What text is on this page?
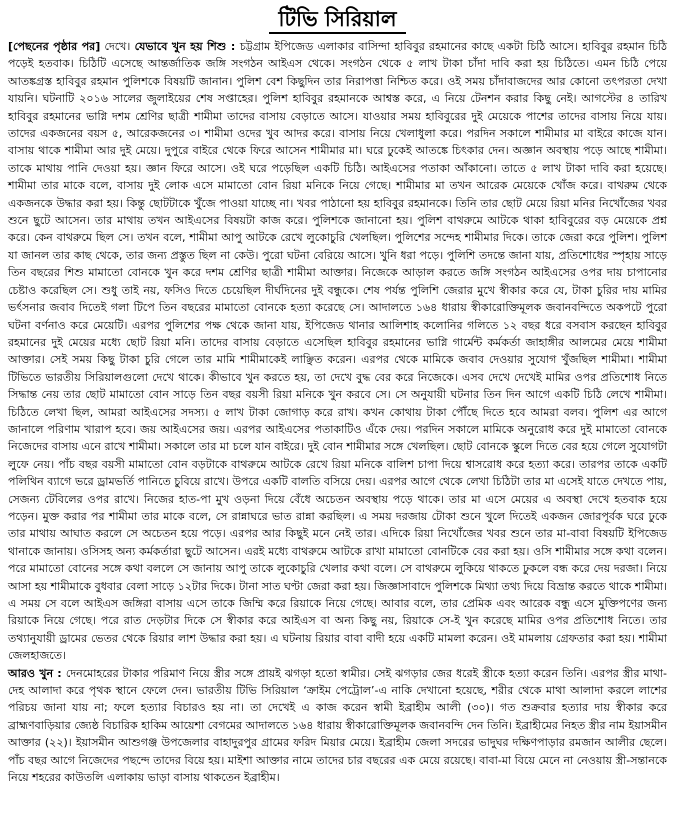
টিভি সিরিয়াল

[পেছনের পৃষ্ঠার পর] দেখে। যেভাবে খুন হয় শিশু : চট্টগ্রাম ইপিজেড এলাকার বাসিন্দা হাবিবুর রহমানের কাছে একটা চিঠি আসে। হাবিবুর রহমান চিঠি পড়েই হতবাক। চিঠিটি এসেছে আন্তর্জাতিক জঙ্গি সংগঠন আইএস থেকে। সংগঠন থেকে ৫ লাখ টাকা চাঁদা দাবি করা হয় চিঠিতে। এমন চিঠি পেয়ে আতঙ্কগ্রস্ত হাবিবুর রহমান পুলিশকে বিষয়টি জানান। পুলিশ বেশ কিছুদিন তার নিরাপত্তা নিশ্চিত করে। ওই সময় চাঁদাবাজদের আর কোনো তৎপরতা দেখা যায়নি। ঘটনাটি ২০১৬ সালের জুলাইয়ের শেষ সপ্তাহের। পুলিশ হাবিবুর রহমানকে আশ্বস্ত করে, এ নিয়ে টেনশন করার কিছু নেই। আগস্টের ৪ তারিখ হাবিবুর রহমানের ভাগ্নি দশম শ্রেণির ছাত্রী শামীমা তাদের বাসায় বেড়াতে আসে। যাওয়ার সময় হাবিবুরের দুই মেয়েকে পাশের তাদের বাসায় নিয়ে যায়। তাদের একজনের বয়স ৫, আরেকজনের ৩। শামীমা ওদের খুব আদর করে। বাসায় নিয়ে খেলাধুলা করে। পরদিন সকালে শামীমার মা বাইরে কাজে যান। বাসায় থাকে শামীমা আর দুই মেয়ে। দুপুরে বাইরে থেকে ফিরে আসেন শামীমার মা। ঘরে ঢুকেই আতঙ্কে চিৎকার দেন। অজ্ঞান অবস্থায় পড়ে আছে শামীমা। তাকে মাথায় পানি দেওয়া হয়। জ্ঞান ফিরে আসে। ওই ঘরে পড়েছিল একটি চিঠি। আইএসের পতাকা আঁকানো। তাতে ৫ লাখ টাকা দাবি করা হয়েছে। শামীমা তার মাকে বলে, বাসায় দুই লোক এসে মামাতো বোন রিয়া মনিকে নিয়ে গেছে। শামীমার মা তখন আরেক মেয়েকে খোঁজ করে। বাথরুম থেকে একজনকে উদ্ধার করা হয়। কিন্তু ছোটটাকে খুঁজে পাওয়া যাচ্ছে না। খবর পাঠানো হয় হাবিবুর রহমানকে। তিনি তার ছোট মেয়ে রিয়া মনির নিখোঁজের খবর শুনে ছুটে আসেন। তার মাথায় তখন আইএসের বিষয়টা কাজ করে। পুলিশকে জানানো হয়। পুলিশ বাথরুমে আটকে থাকা হাবিবুরের বড় মেয়েকে প্রশ্ন করে। কেন বাথরুমে ছিল সে। তখন বলে, শামীমা আপু আটকে রেখে লুকোচুরি খেলছিল। পুলিশের সন্দেহ শামীমার দিকে। তাকে জেরা করে পুলিশ। পুলিশ যা জানল তার কাছ থেকে, তার জন্য প্রস্তুত ছিল না কেউ। পুরো ঘটনা বেরিয়ে আসে। খুনি ধরা পড়ে। পুলিশি তদন্তে জানা যায়, প্রতিশোধের স্পৃহায় সাড়ে তিন বছরের শিশু মামাতো বোনকে খুন করে দশম শ্রেণির ছাত্রী শামীমা আক্তার। নিজেকে আড়াল করতে জঙ্গি সংগঠন আইএসের ওপর দায় চাপানোর চেষ্টাও করেছিল সে। শুধু তাই নয়, ফসিও দিতে চেয়েছিল দীর্ঘদিনের দুই বন্ধুকে। শেষ পর্যন্ত পুলিশি জেরার মুখে স্বীকার করে যে, টাকা চুরির দায় মামির ভর্ৎসনার জবাব দিতেই গলা টিপে তিন বছরের মামাতো বোনকে হত্যা করেছে সে। আদালতে ১৬৪ ধারায় স্বীকারোক্তিমূলক জবানবন্দিতে অকপটে পুরো ঘটনা বর্ণনাও করে মেয়েটি। এরপর পুলিশের পক্ষ থেকে জানা যায়, ইপিজেড থানার আলিশাহ কলোনির গলিতে ১২ বছর ধরে বসবাস করছেন হাবিবুর রহমানের দুই মেয়ের মধ্যে ছোট রিয়া মনি। তাদের বাসায় বেড়াতে এসেছিল হাবিবুর রহমানের ভাগ্নি গার্মেন্ট কর্মকর্তা জাহাঙ্গীর আলমের মেয়ে শামীমা আক্তার। সেই সময় কিছু টাকা চুরি গেলে তার মামি শামীমাকেই লাঞ্ছিত করেন। এরপর থেকে মামিকে জবাব দেওয়ার সুযোগ খুঁজছিল শামীমা। শামীমা টিভিতে ভারতীয় সিরিয়ালগুলো দেখে থাকে। কীভাবে খুন করতে হয়, তা দেখে বুদ্ধ বের করে নিজেকে। এসব দেখে দেখেই মামির ওপর প্রতিশোধ নিতে সিদ্ধান্ত নেয় তার ছোট মামাতো বোন সাড়ে তিন বছর বয়সী রিয়া মনিকে খুন করবে সে। সে অনুযায়ী ঘটনার তিন দিন আগে একটি চিঠি লেখে শামীমা। চিঠিতে লেখা ছিল, আমরা আইএসের সদস্য। ৫ লাখ টাকা জোগাড় করে রাখ। কখন কোথায় টাকা পৌঁছে দিতে হবে আমরা বলব। পুলিশ এর আগে জানালে পরিণাম খারাপ হবে। জয় আইএসের জয়। এরপর আইএসের পতাকাটিও এঁকে দেয়। পরদিন সকালে মামিকে অনুরোধ করে দুই মামাতো বোনকে নিজেদের বাসায় এনে রাখে শামীমা। সকালে তার মা চলে যান বাইরে। দুই বোন শামীমার সঙ্গে খেলছিল। ছোট বোনকে স্কুলে দিতে বের হয়ে গেলে সুযোগটা লুফে নেয়। পাঁচ বছর বয়সী মামাতো বোন বড়টাকে বাথরুমে আটকে রেখে রিয়া মনিকে বালিশ চাপা দিয়ে শ্বাসরোধ করে হত্যা করে। তারপর তাকে একটি পলিথিন ব্যাগে ভরে ড্রামভর্তি পানিতে চুবিয়ে রাখে। উপরে একটি বালতি বসিয়ে দেয়। এরপর আগে থেকে লেখা চিঠিটা তার মা এসেই যাতে দেখতে পায়, সেজন্য টেবিলের ওপর রাখে। নিজের হাত-পা মুখ ওড়না দিয়ে বেঁধে অচেতন অবস্থায় পড়ে থাকে। তার মা এসে মেয়ের এ অবস্থা দেখে হতবাক হয়ে পড়েন। মুক্ত করার পর শামীমা তার মাকে বলে, সে রান্নাঘরে ভাত রান্না করছিল। এ সময় দরজায় টোকা শুনে খুলে দিতেই একজন জোরপূর্বক ঘরে ঢুকে তার মাথায় আঘাত করলে সে অচেতন হয়ে পড়ে। এরপর আর কিছুই মনে নেই তার। এদিকে রিয়া নিখোঁজের খবর শুনে তার মা-বাবা বিষয়টি ইপিজেড থানাকে জানায়। ওসিসহ অন্য কর্মকর্তারা ছুটে আসেন। এরই মধ্যে বাথরুমে আটকে রাখা মামাতো বোনটিকে বের করা হয়। ওসি শামীমার সঙ্গে কথা বলেন। পরে মামাতো বোনের সঙ্গে কথা বললে সে জানায় আপু তাকে লুকোচুরি খেলার কথা বলে। সে বাথরুমে লুকিয়ে থাকতে ঢুকলে বন্ধ করে দেয় দরজা। নিয়ে আসা হয় শামীমাকে বুধবার বেলা সাড়ে ১২টার দিকে। টানা সাত ঘণ্টা জেরা করা হয়। জিজ্ঞাসাবাদে পুলিশকে মিথ্যা তথ্য দিয়ে বিভ্রান্ত করতে থাকে শামীমা। এ সময় সে বলে আইএস জঙ্গিরা বাসায় এসে তাকে জিম্মি করে রিয়াকে নিয়ে গেছে। আবার বলে, তার প্রেমিক এবং আরেক বন্ধু এসে মুক্তিপণের জন্য রিয়াকে নিয়ে গেছে। পরে রাত দেড়টার দিকে সে স্বীকার করে আইএস বা অন্য কিছু নয়, রিয়াকে সে-ই খুন করেছে মামির ওপর প্রতিশোধ নিতে। তার তথ্যানুযায়ী ড্রামের ভেতর থেকে রিয়ার লাশ উদ্ধার করা হয়। এ ঘটনায় রিয়ার বাবা বাদী হয়ে একটি মামলা করেন। ওই মামলায় গ্রেফতার করা হয়। শামীমা জেলহাজতে।

আরও খুন : দেনমোহরের টাকার পরিমাণ নিয়ে স্ত্রীর সঙ্গে প্রায়ই ঝগড়া হতো স্বামীর। সেই ঝগড়ার জের ধরেই স্ত্রীকে হত্যা করেন তিনি। এরপর স্ত্রীর মাথা-দেহ আলাদা করে পৃথক স্থানে ফেলে দেন। ভারতীয় টিভি সিরিয়াল ‘ক্রাইম পেট্রোল’-এ নাকি দেখানো হয়েছে, শরীর থেকে মাথা আলাদা করলে লাশের পরিচয় জানা যায় না; ফলে হত্যার বিচারও হয় না। তা দেখেই এ কাজ করেন স্বামী ইব্রাহীম আলী (৩০)। গত শুক্রবার হত্যার দায় স্বীকার করে ব্রাহ্মণবাড়িয়ার জ্যেষ্ঠ বিচারিক হাকিম আয়েশা বেগমের আদালতে ১৬৪ ধারায় স্বীকারোক্তিমূলক জবানবন্দি দেন তিনি। ইব্রাহীমের নিহত স্ত্রীর নাম ইয়াসমীন আক্তার (২২)। ইয়াসমীন আশুগঞ্জ উপজেলার বাহাদুরপুর গ্রামের ফরিদ মিয়ার মেয়ে। ইব্রাহীম জেলা সদরের ভাদুঘর দক্ষিণপাড়ার রমজান আলীর ছেলে। পাঁচ বছর আগে নিজেদের পছন্দে তাদের বিয়ে হয়। মাইশা আক্তার নামে তাদের চার বছরের এক মেয়ে রয়েছে। বাবা-মা বিয়ে মেনে না নেওয়ায় স্ত্রী-সন্তানকে নিয়ে শহরের কাউতলি এলাকায় ভাড়া বাসায় থাকতেন ইব্রাহীম।
